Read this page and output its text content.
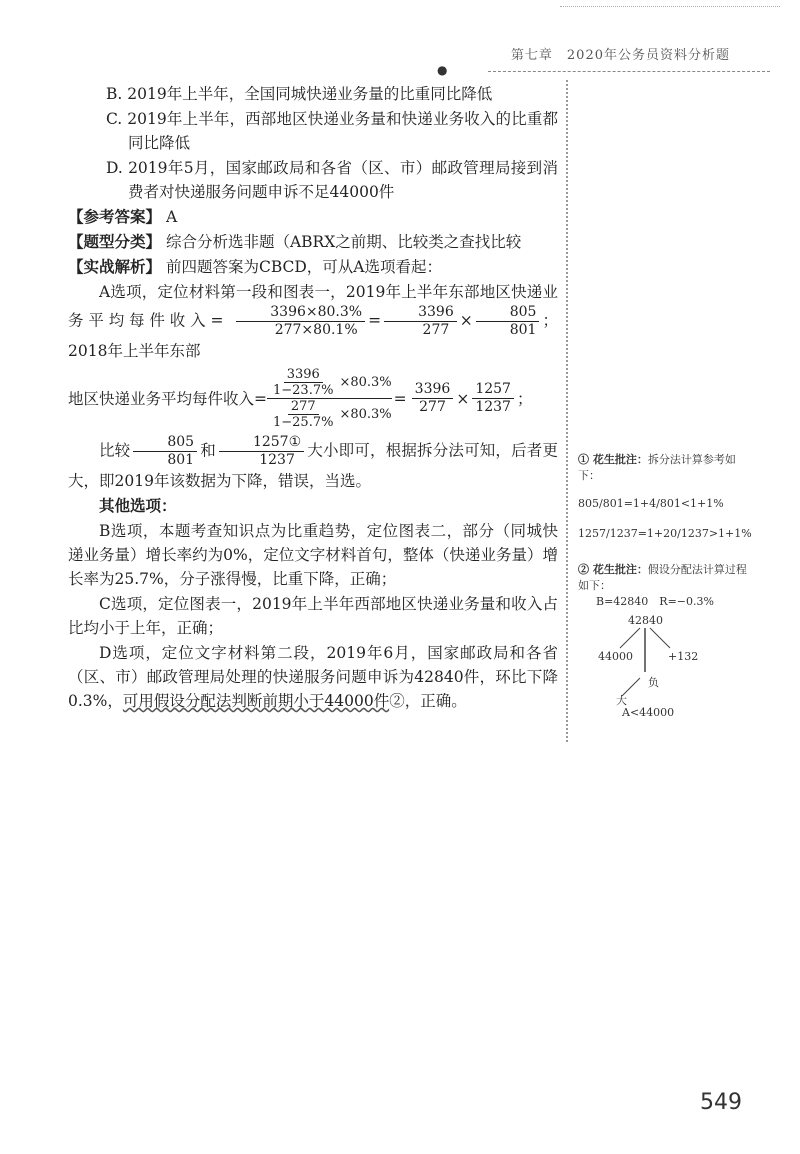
第七章　2020年公务员资料分析题
●

B. 2019年上半年，全国同城快递业务量的比重同比降低

C. 2019年上半年，西部地区快递业务量和快递业务收入的比重都同比降低

D. 2019年5月，国家邮政局和各省（区、市）邮政管理局接到消费者对快递服务问题申诉不足44000件

【参考答案】 A

【题型分类】 综合分析选非题（ABRX之前期、比较类之查找比较

【实战解析】 前四题答案为CBCD，可从A选项看起：

A选项，定位材料第一段和图表一，2019年上半年东部地区快递业务平均每件收入= $\frac{3396\times 80.3\%}{277\times 80.1\%} = \frac{3396}{277} \times \frac{805}{801}$ ；2018年上半年东部

地区快递业务平均每件收入=
$\frac{3396}{1-23.7\%} \times 80.3\%$
$\frac{277}{1-25.7\%} \times 80.3\%$
= $\frac{3396}{277} \times \frac{1257}{1237}$ ；

比较 $\frac{805}{801}$ 和 $\frac{\text{1257①}}{1237}$ 大小即可，根据拆分法可知，后者更大，即2019年该数据为下降，错误，当选。

其他选项：

B选项，本题考查知识点为比重趋势，定位图表二，部分（同城快递业务量）增长率约为0%，定位文字材料首句，整体（快递业务量）增长率为25.7%，分子涨得慢，比重下降，正确；

C选项，定位图表一，2019年上半年西部地区快递业务量和收入占比均小于上年，正确；

D选项，定位文字材料第二段，2019年6月，国家邮政局和各省（区、市）邮政管理局处理的快递服务问题申诉为42840件，环比下降0.3%，可用假设分配法判断前期小于44000件②，正确。

① 花生批注：拆分法计算参考如下：
805/801=1+4/801<1+1%
1257/1237=1+20/1237>1+1%
② 花生批注：假设分配法计算过程如下：
B=42840　R=−0.3%
42840
44000	+132
负
大
A<44000
549
